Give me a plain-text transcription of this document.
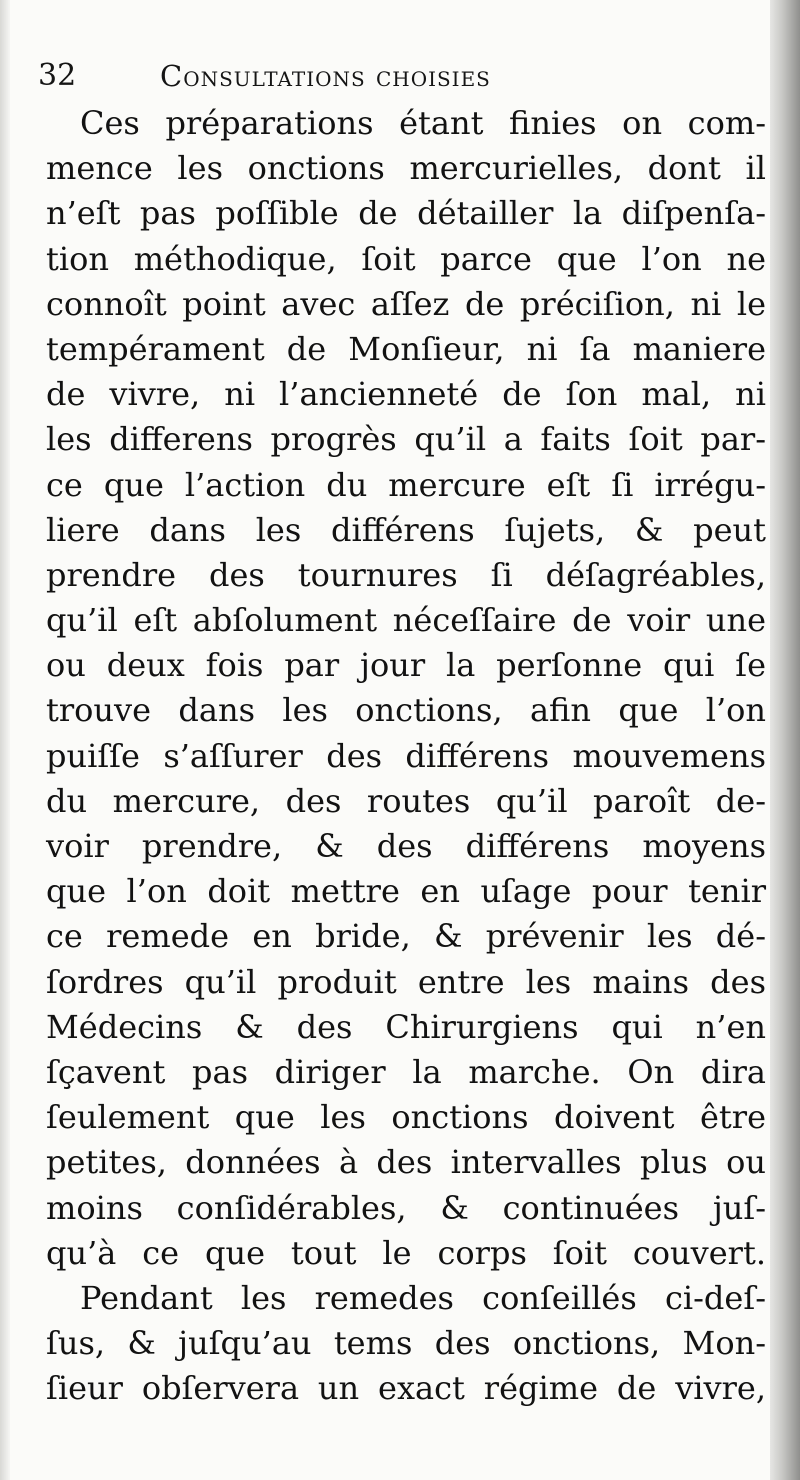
32	Consultations choisies
Ces préparations étant finies on com-
mence les onctions mercurielles, dont il
n’eſt pas poſſible de détailler la diſpenſa-
tion méthodique, ſoit parce que l’on ne
connoît point avec aſſez de préciſion, ni le
tempérament de Monſieur, ni ſa maniere
de vivre, ni l’ancienneté de ſon mal, ni
les differens progrès qu’il a faits ſoit par-
ce que l’action du mercure eſt ſi irrégu-
liere dans les différens ſujets, & peut
prendre des tournures ſi déſagréables,
qu’il eſt abſolument néceſſaire de voir une
ou deux fois par jour la perſonne qui ſe
trouve dans les onctions, afin que l’on
puiſſe s’aſſurer des différens mouvemens
du mercure, des routes qu’il paroît de-
voir prendre, & des différens moyens
que l’on doit mettre en uſage pour tenir
ce remede en bride, & prévenir les dé-
ſordres qu’il produit entre les mains des
Médecins & des Chirurgiens qui n’en
ſçavent pas diriger la marche. On dira
ſeulement que les onctions doivent être
petites, données à des intervalles plus ou
moins conſidérables, & continuées juſ-
qu’à ce que tout le corps ſoit couvert.
Pendant les remedes conſeillés ci-deſ-
ſus, & juſqu’au tems des onctions, Mon-
ſieur obſervera un exact régime de vivre,
